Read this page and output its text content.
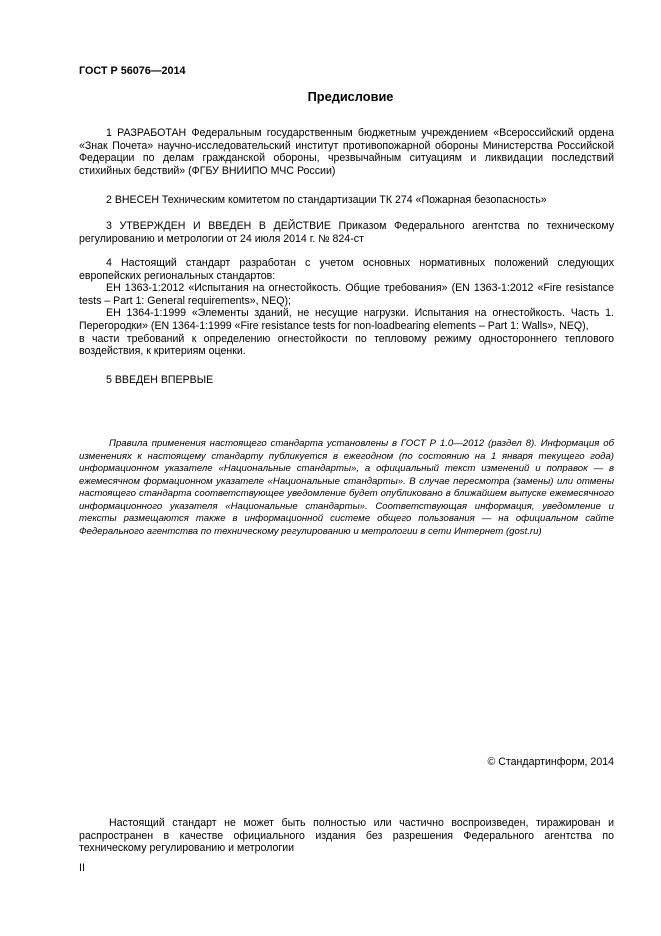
ГОСТ Р 56076—2014
Предисловие
1 РАЗРАБОТАН Федеральным государственным бюджетным учреждением «Всероссийский ордена «Знак Почета» научно-исследовательский институт противопожарной обороны Министерства Российской Федерации по делам гражданской обороны, чрезвычайным ситуациям и ликвидации последствий стихийных бедствий» (ФГБУ ВНИИПО МЧС России)
2 ВНЕСЕН Техническим комитетом по стандартизации ТК 274 «Пожарная безопасность»
3 УТВЕРЖДЕН И ВВЕДЕН В ДЕЙСТВИЕ Приказом Федерального агентства по техническому регулированию и метрологии от 24 июля 2014 г. № 824-ст

4 Настоящий стандарт разработан с учетом основных нормативных положений следующих европейских региональных стандартов:

ЕН 1363-1:2012 «Испытания на огнестойкость. Общие требования» (EN 1363-1:2012 «Fire resistance tests – Part 1: General requirements», NEQ);

ЕН 1364-1:1999 «Элементы зданий, не несущие нагрузки. Испытания на огнестойкость. Часть 1. Перегородки» (EN 1364-1:1999 «Fire resistance tests for non-loadbearing elements – Part 1: Walls», NEQ),

в части требований к определению огнестойкости по тепловому режиму одностороннего теплового воздействия, к критериям оценки.

5 ВВЕДЕН ВПЕРВЫЕ
Правила применения настоящего стандарта установлены в ГОСТ Р 1.0—2012 (раздел 8). Информация об изменениях к настоящему стандарту публикуется в ежегодном (по состоянию на 1 января текущего года) информационном указателе «Национальные стандарты», а официальный текст изменений и поправок — в ежемесячном формационном указателе «Национальные стандарты». В случае пересмотра (замены) или отмены настоящего стандарта соответствующее уведомление будет опубликовано в ближайшем выпуске ежемесячного информационного указателя «Национальные стандарты». Соответствующая информация, уведомление и тексты размещаются также в информационной системе общего пользования — на официальном сайте Федерального агентства по техническому регулированию и метрологии в сети Интернет (gost.ru)
© Стандартинформ, 2014
Настоящий стандарт не может быть полностью или частично воспроизведен, тиражирован и распространен в качестве официального издания без разрешения Федерального агентства по техническому регулированию и метрологии
II
